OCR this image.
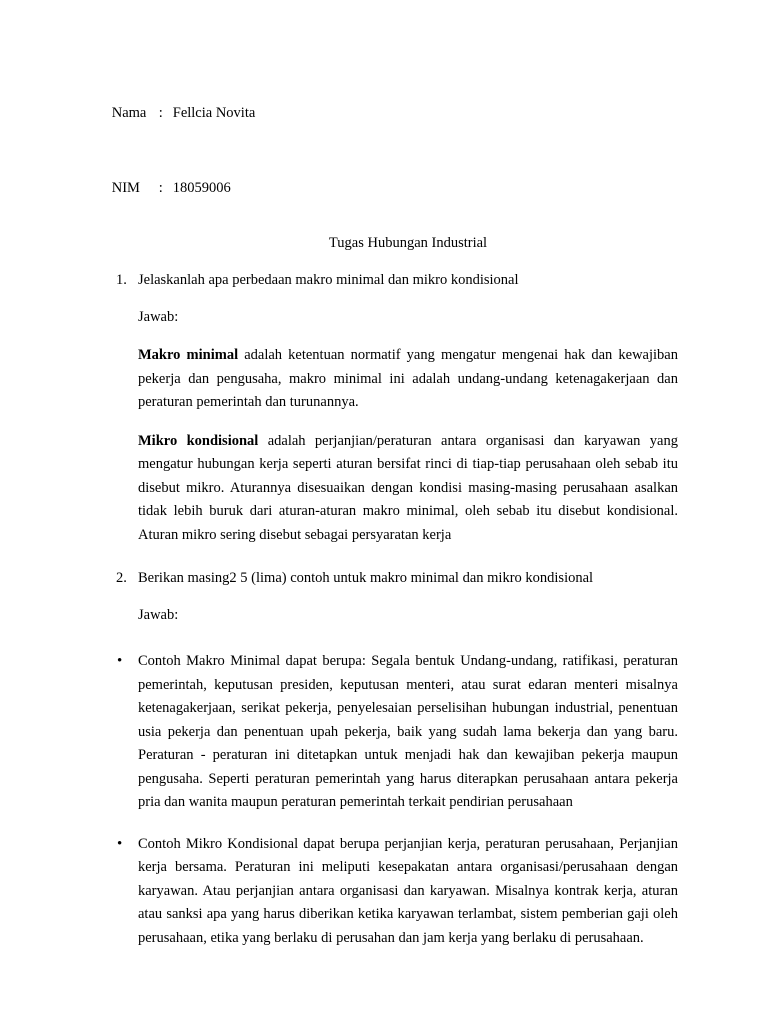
Nama : Fellcia Novita

NIM : 18059006

Tugas Hubungan Industrial
1. Jelaskanlah apa perbedaan makro minimal dan mikro kondisional
Jawab:
Makro minimal adalah ketentuan normatif yang mengatur mengenai hak dan kewajiban pekerja dan pengusaha, makro minimal ini adalah undang-undang ketenagakerjaan dan peraturan pemerintah dan turunannya.
Mikro kondisional adalah perjanjian/peraturan antara organisasi dan karyawan yang mengatur hubungan kerja seperti aturan bersifat rinci di tiap-tiap perusahaan oleh sebab itu disebut mikro. Aturannya disesuaikan dengan kondisi masing-masing perusahaan asalkan tidak lebih buruk dari aturan-aturan makro minimal, oleh sebab itu disebut kondisional. Aturan mikro sering disebut sebagai persyaratan kerja
2. Berikan masing2 5 (lima) contoh untuk makro minimal dan mikro kondisional
Jawab:
• Contoh Makro Minimal dapat berupa: Segala bentuk Undang-undang, ratifikasi, peraturan pemerintah, keputusan presiden, keputusan menteri, atau surat edaran menteri misalnya ketenagakerjaan, serikat pekerja, penyelesaian perselisihan hubungan industrial, penentuan usia pekerja dan penentuan upah pekerja, baik yang sudah lama bekerja dan yang baru. Peraturan - peraturan ini ditetapkan untuk menjadi hak dan kewajiban pekerja maupun pengusaha. Seperti peraturan pemerintah yang harus diterapkan perusahaan antara pekerja pria dan wanita maupun peraturan pemerintah terkait pendirian perusahaan
• Contoh Mikro Kondisional dapat berupa perjanjian kerja, peraturan perusahaan, Perjanjian kerja bersama. Peraturan ini meliputi kesepakatan antara organisasi/perusahaan dengan karyawan. Atau perjanjian antara organisasi dan karyawan. Misalnya kontrak kerja, aturan atau sanksi apa yang harus diberikan ketika karyawan terlambat, sistem pemberian gaji oleh perusahaan, etika yang berlaku di perusahan dan jam kerja yang berlaku di perusahaan.
